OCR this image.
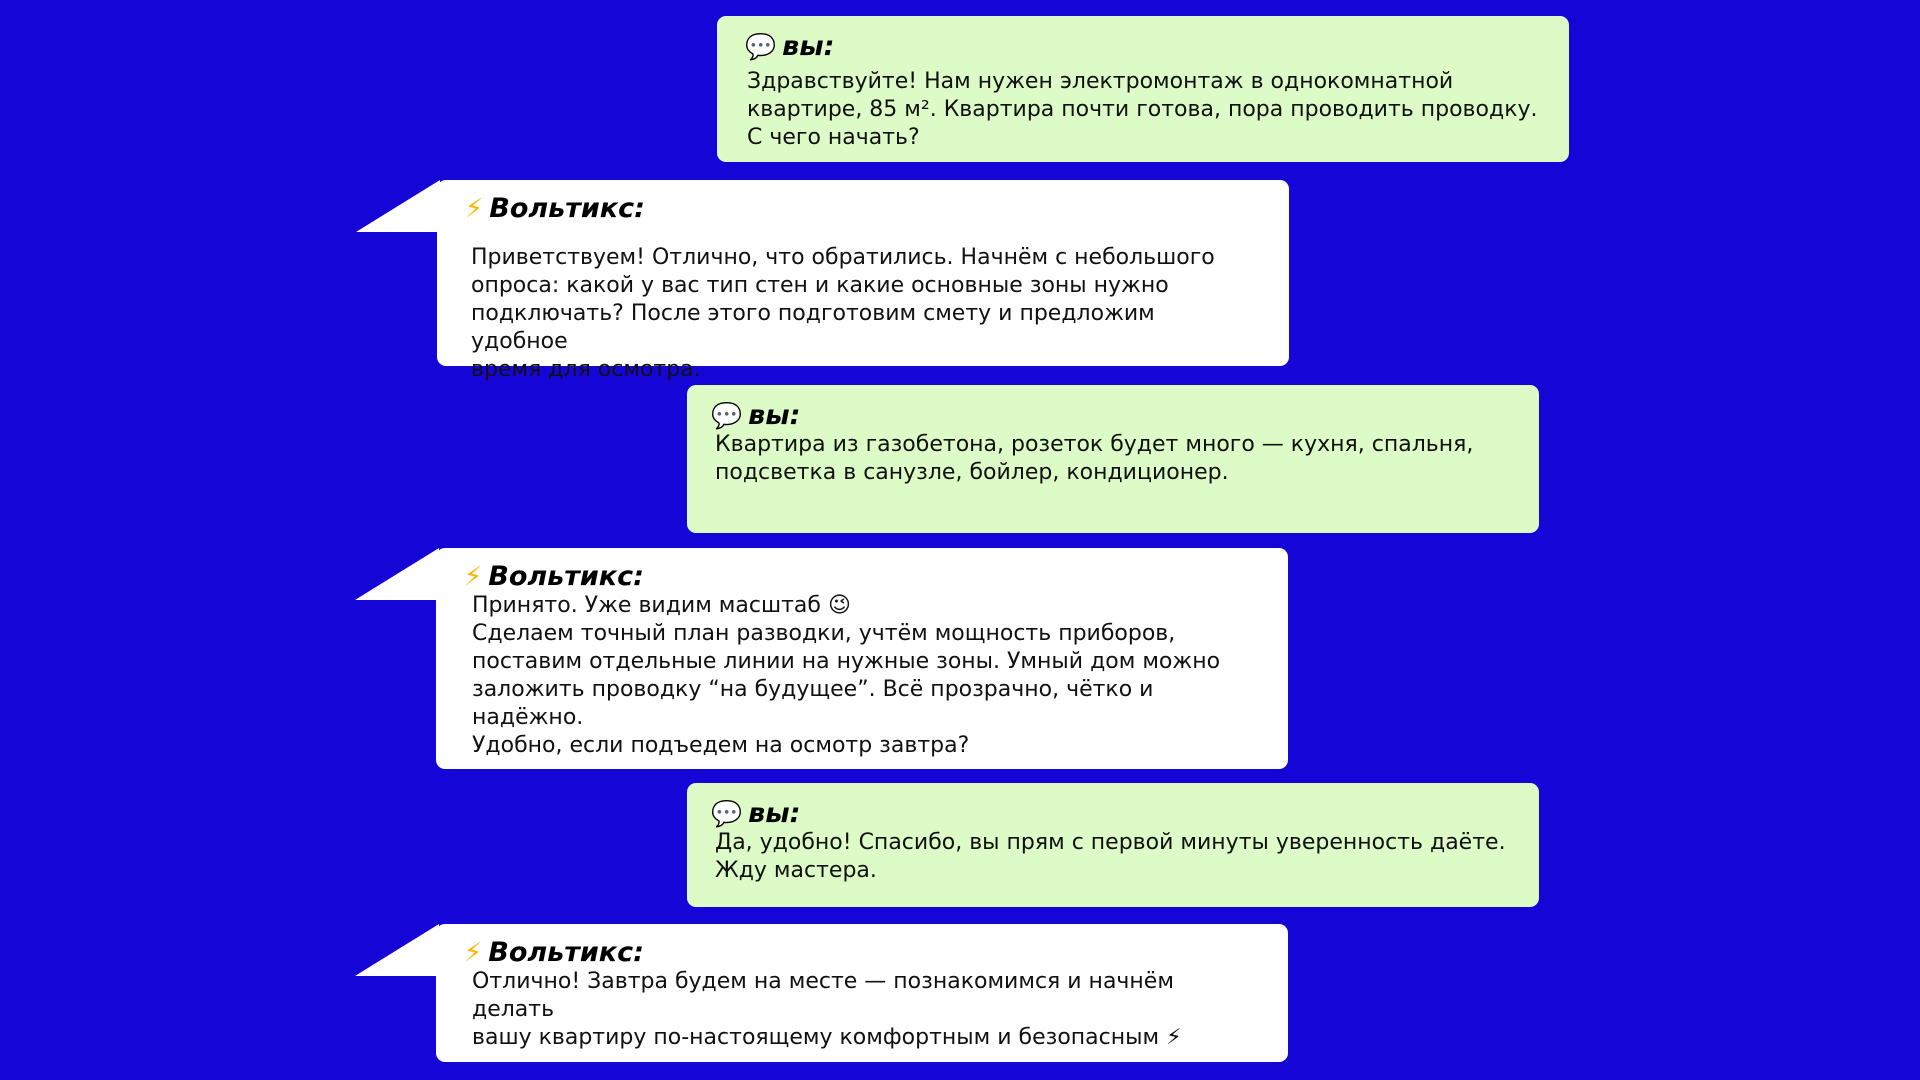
💬 вы:
Здравствуйте! Нам нужен электромонтаж в однокомнатной
квартире, 85 м². Квартира почти готова, пора проводить проводку.
С чего начать?
⚡ Вольтикс:
Приветствуем! Отлично, что обратились. Начнём с небольшого
опроса: какой у вас тип стен и какие основные зоны нужно
подключать? После этого подготовим смету и предложим удобное
время для осмотра.
💬 вы:
Квартира из газобетона, розеток будет много — кухня, спальня,
подсветка в санузле, бойлер, кондиционер.
⚡ Вольтикс:
Принято. Уже видим масштаб 😉
Сделаем точный план разводки, учтём мощность приборов,
поставим отдельные линии на нужные зоны. Умный дом можно
заложить проводку “на будущее”. Всё прозрачно, чётко и надёжно.
Удобно, если подъедем на осмотр завтра?
💬 вы:
Да, удобно! Спасибо, вы прям с первой минуты уверенность даёте.
Жду мастера.
⚡ Вольтикс:
Отлично! Завтра будем на месте — познакомимся и начнём делать
вашу квартиру по-настоящему комфортным и безопасным ⚡
